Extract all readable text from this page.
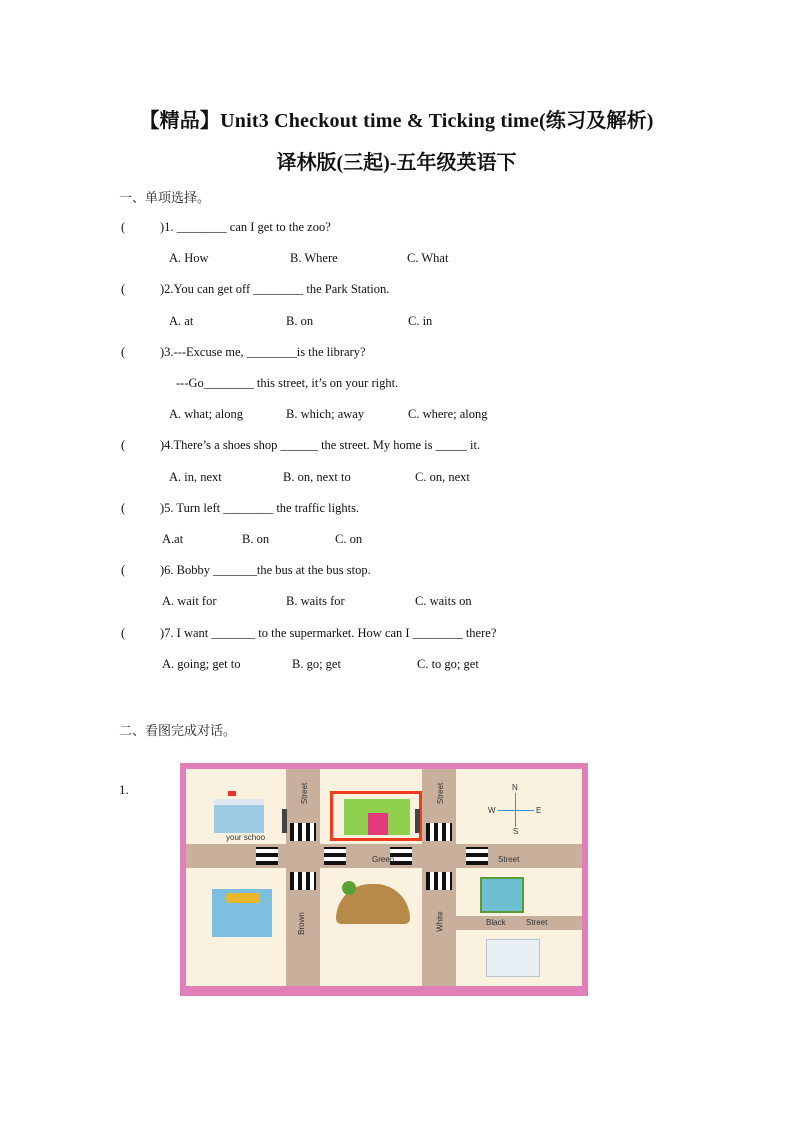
【精品】Unit3 Checkout time & Ticking time(练习及解析)
译林版(三起)-五年级英语下
一、单项选择。
(	)1. ________ can I get to the zoo?
A. How	B. Where	C. What
(	)2.You can get off ________ the Park Station.
A. at	B. on	C. in
(	)3.---Excuse me, ________is the library?
---Go________ this street, it’s on your right.
A. what; along	B. which; away	C. where; along
(	)4.There’s a shoes shop ______ the street. My home is _____ it.
A. in, next	B. on, next to	C. on, next
(	)5. Turn left ________ the traffic lights.
A.at	B. on	C. on
(	)6. Bobby _______the bus at the bus stop.
A. wait for	B. waits for	C. waits on
(	)7. I want _______ to the supermarket. How can I ________ there?
A. going; get to	B. go; get	C. to go; get
二、看图完成对话。
1.
your schoo
Green	Street
Brown
Street	Street
White	Black	Street
N
W	E
S
